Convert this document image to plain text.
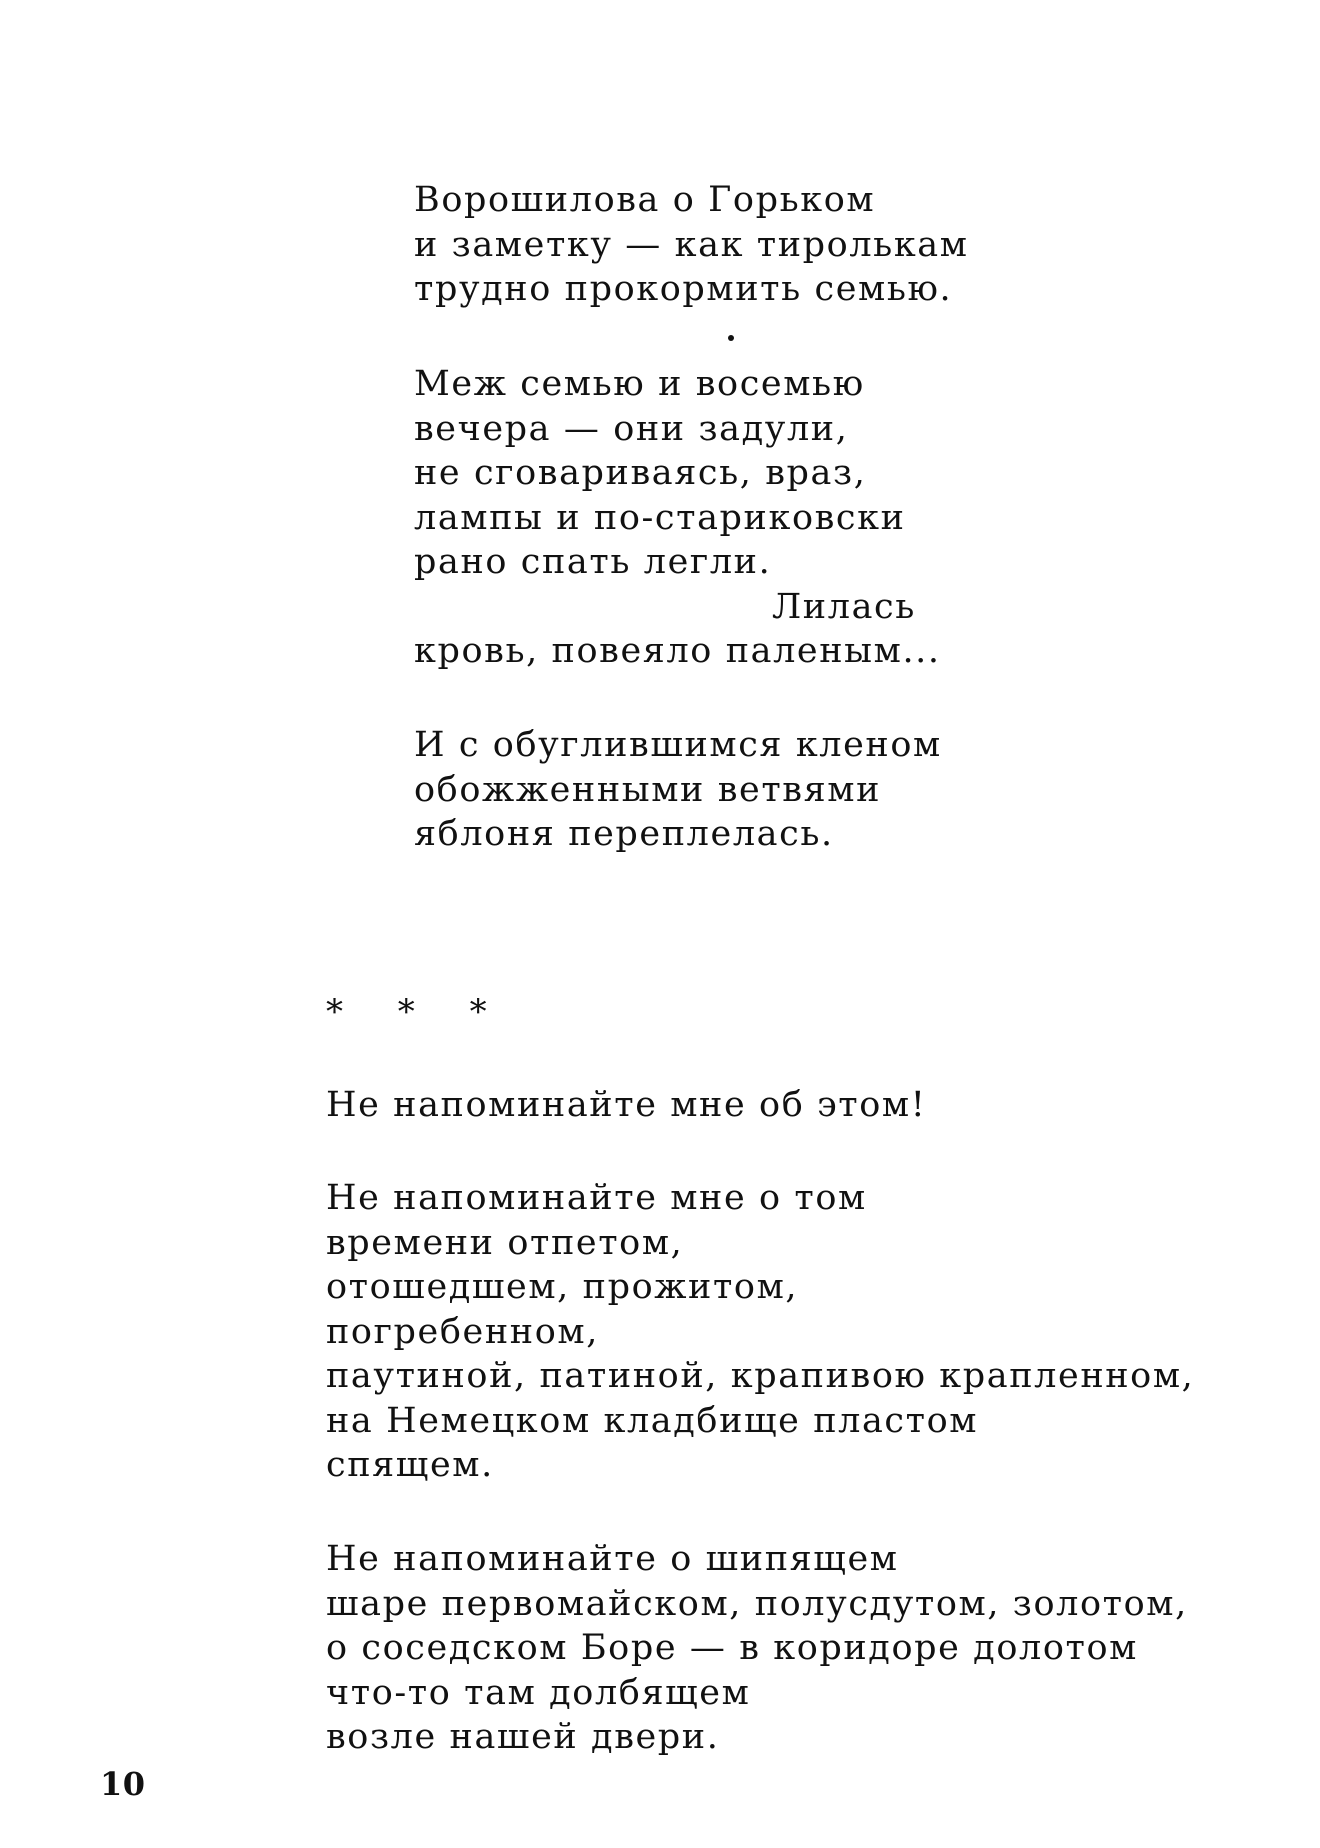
Ворошилова о Горьком
и заметку — как тиролькам
трудно прокормить семью.
Меж семью и восемью
вечера — они задули,
не сговариваясь, враз,
лампы и по-стариковски
рано спать легли.
Лилась
кровь, повеяло паленым...
И с обуглившимся кленом
обожженными ветвями
яблоня переплелась.
* * *
Не напоминайте мне об этом!
Не напоминайте мне о том
времени отпетом,
отошедшем, прожитом,
погребенном,
паутиной, патиной, крапивою крапленном,
на Немецком кладбище пластом
спящем.
Не напоминайте о шипящем
шаре первомайском, полусдутом, золотом,
о соседском Боре — в коридоре долотом
что-то там долбящем
возле нашей двери.
10
